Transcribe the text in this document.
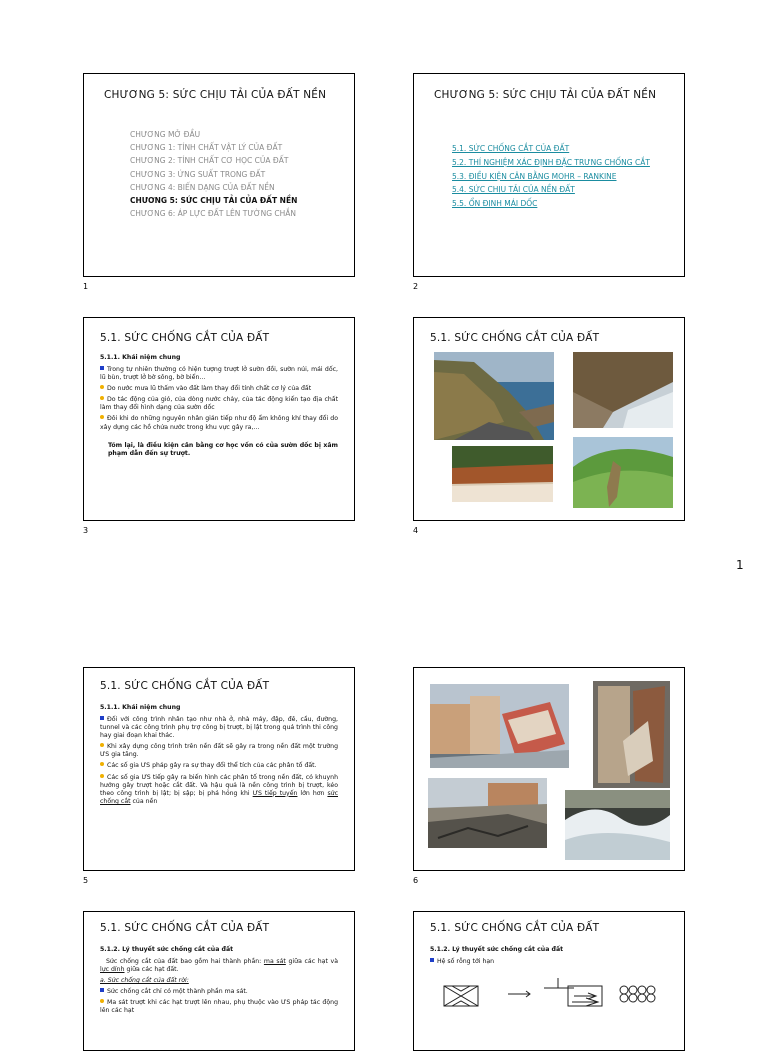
1
CHƯƠNG 5: SỨC CHỊU TẢI CỦA ĐẤT NỀN
CHƯƠNG MỞ ĐẦU
CHƯƠNG 1: TÍNH CHẤT VẬT LÝ CỦA ĐẤT
CHƯƠNG 2: TÍNH CHẤT CƠ HỌC CỦA ĐẤT
CHƯƠNG 3: ỨNG SUẤT TRONG ĐẤT
CHƯƠNG 4: BIẾN DẠNG CỦA ĐẤT NỀN
CHƯƠNG 5: SỨC CHỊU TẢI CỦA ĐẤT NỀN
CHƯƠNG 6: ÁP LỰC ĐẤT LÊN TƯỜNG CHẮN
1
CHƯƠNG 5: SỨC CHỊU TẢI CỦA ĐẤT NỀN
5.1. SỨC CHỐNG CẮT CỦA ĐẤT
5.2. THÍ NGHIỆM XÁC ĐỊNH ĐẶC TRƯNG CHỐNG CẮT
5.3. ĐIỀU KIỆN CÂN BẰNG MOHR – RANKINE
5.4. SỨC CHỊU TẢI CỦA NỀN ĐẤT
5.5. ỔN ĐỊNH MÁI DỐC
2
5.1. SỨC CHỐNG CẮT CỦA ĐẤT
5.1.1. Khái niệm chung

Trong tự nhiên thường có hiện tượng trượt lở sườn đồi, sườn núi, mái dốc, lũ bùn, trượt lở bờ sông, bờ biển…

Do nước mưa lũ thấm vào đất làm thay đổi tính chất cơ lý của đất

Do tác động của gió, của dòng nước chảy, của tác động kiến tạo địa chất làm thay đổi hình dạng của sườn dốc

Đôi khi do những nguyên nhân gián tiếp như độ ẩm không khí thay đổi do xây dựng các hồ chứa nước trong khu vực gây ra,…

Tóm lại, là điều kiện cân bằng cơ học vốn có của sườn dốc bị xâm phạm dẫn đến sự trượt.

3
5.1. SỨC CHỐNG CẮT CỦA ĐẤT
4
5.1. SỨC CHỐNG CẮT CỦA ĐẤT
5.1.1. Khái niệm chung

Đối với công trình nhân tạo như nhà ở, nhà máy, đập, đê, cầu, đường, tunnel và các công trình phụ trợ công bị trượt, bị lật trong quá trình thi công hay giai đoạn khai thác.

Khi xây dựng công trình trên nền đất sẽ gây ra trong nền đất một trường ƯS gia tăng.

Các số gia ƯS pháp gây ra sự thay đổi thể tích của các phân tố đất.

Các số gia ƯS tiếp gây ra biến hình các phân tố trong nền đất, có khuynh hướng gây trượt hoặc cắt đất. Và hậu quả là nền công trình bị trượt, kéo theo công trình bị lật; bị sập; bị phá hỏng khi ƯS tiếp tuyến lớn hơn sức chống cắt của nền

5	6
5.1. SỨC CHỐNG CẮT CỦA ĐẤT
5.1.2. Lý thuyết sức chống cắt của đất

Sức chống cắt của đất bao gồm hai thành phần: ma sát giữa các hạt và lực dính giữa các hạt đất.

a. Sức chống cắt của đất rời:

Sức chống cắt chỉ có một thành phần ma sát.

Ma sát trượt khi các hạt trượt lên nhau, phụ thuộc vào ƯS pháp tác động lên các hạt

5.1. SỨC CHỐNG CẮT CỦA ĐẤT
5.1.2. Lý thuyết sức chống cắt của đất

Hệ số rỗng tới hạn
